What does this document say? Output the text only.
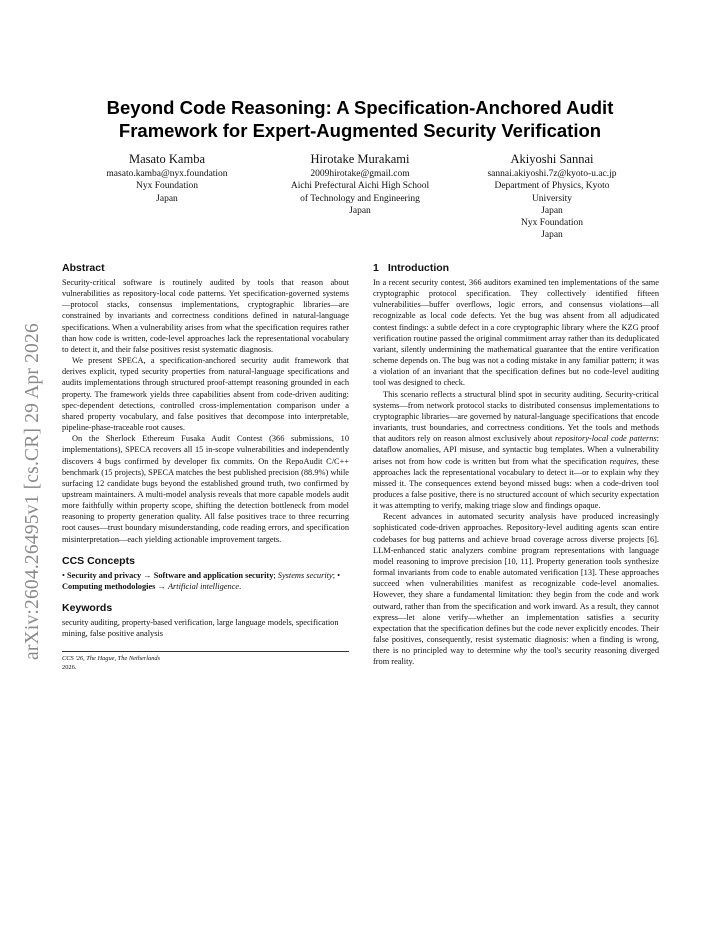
arXiv:2604.26495v1 [cs.CR] 29 Apr 2026
Beyond Code Reasoning: A Specification-Anchored Audit Framework for Expert-Augmented Security Verification
Masato Kamba
masato.kamba@nyx.foundation
Nyx Foundation
Japan
Hirotake Murakami
2009hirotake@gmail.com
Aichi Prefectural Aichi High School
of Technology and Engineering
Japan
Akiyoshi Sannai
sannai.akiyoshi.7z@kyoto-u.ac.jp
Department of Physics, Kyoto
University
Japan
Nyx Foundation
Japan
Abstract

Security-critical software is routinely audited by tools that reason about vulnerabilities as repository-local code patterns. Yet specification-governed systems—protocol stacks, consensus implementations, cryptographic libraries—are constrained by invariants and correctness conditions defined in natural-language specifications. When a vulnerability arises from what the specification requires rather than how code is written, code-level approaches lack the representational vocabulary to detect it, and their false positives resist systematic diagnosis.

We present SPECA, a specification-anchored security audit framework that derives explicit, typed security properties from natural-language specifications and audits implementations through structured proof-attempt reasoning grounded in each property. The framework yields three capabilities absent from code-driven auditing: spec-dependent detections, controlled cross-implementation comparison under a shared property vocabulary, and false positives that decompose into interpretable, pipeline-phase-traceable root causes.

On the Sherlock Ethereum Fusaka Audit Contest (366 submissions, 10 implementations), SPECA recovers all 15 in-scope vulnerabilities and independently discovers 4 bugs confirmed by developer fix commits. On the RepoAudit C/C++ benchmark (15 projects), SPECA matches the best published precision (88.9%) while surfacing 12 candidate bugs beyond the established ground truth, two confirmed by upstream maintainers. A multi-model analysis reveals that more capable models audit more faithfully within property scope, shifting the detection bottleneck from model reasoning to property generation quality. All false positives trace to three recurring root causes—trust boundary misunderstanding, code reading errors, and specification misinterpretation—each yielding actionable improvement targets.

CCS Concepts

• Security and privacy → Software and application security; Systems security; • Computing methodologies → Artificial intelligence.

Keywords

security auditing, property-based verification, large language models, specification mining, false positive analysis

CCS '26, The Hague, The Netherlands
2026.
1 Introduction

In a recent security contest, 366 auditors examined ten implementations of the same cryptographic protocol specification. They collectively identified fifteen vulnerabilities—buffer overflows, logic errors, and consensus violations—all recognizable as local code defects. Yet the bug was absent from all adjudicated contest findings: a subtle defect in a core cryptographic library where the KZG proof verification routine passed the original commitment array rather than its deduplicated variant, silently undermining the mathematical guarantee that the entire verification scheme depends on. The bug was not a coding mistake in any familiar pattern; it was a violation of an invariant that the specification defines but no code-level auditing tool was designed to check.

This scenario reflects a structural blind spot in security auditing. Security-critical systems—from network protocol stacks to distributed consensus implementations to cryptographic libraries—are governed by natural-language specifications that encode invariants, trust boundaries, and correctness conditions. Yet the tools and methods that auditors rely on reason almost exclusively about repository-local code patterns: dataflow anomalies, API misuse, and syntactic bug templates. When a vulnerability arises not from how code is written but from what the specification requires, these approaches lack the representational vocabulary to detect it—or to explain why they missed it. The consequences extend beyond missed bugs: when a code-driven tool produces a false positive, there is no structured account of which security expectation it was attempting to verify, making triage slow and findings opaque.

Recent advances in automated security analysis have produced increasingly sophisticated code-driven approaches. Repository-level auditing agents scan entire codebases for bug patterns and achieve broad coverage across diverse projects [6]. LLM-enhanced static analyzers combine program representations with language model reasoning to improve precision [10, 11]. Property generation tools synthesize formal invariants from code to enable automated verification [13]. These approaches succeed when vulnerabilities manifest as recognizable code-level anomalies. However, they share a fundamental limitation: they begin from the code and work outward, rather than from the specification and work inward. As a result, they cannot express—let alone verify—whether an implementation satisfies a security expectation that the specification defines but the code never explicitly encodes. Their false positives, consequently, resist systematic diagnosis: when a finding is wrong, there is no principled way to determine why the tool's security reasoning diverged from reality.
